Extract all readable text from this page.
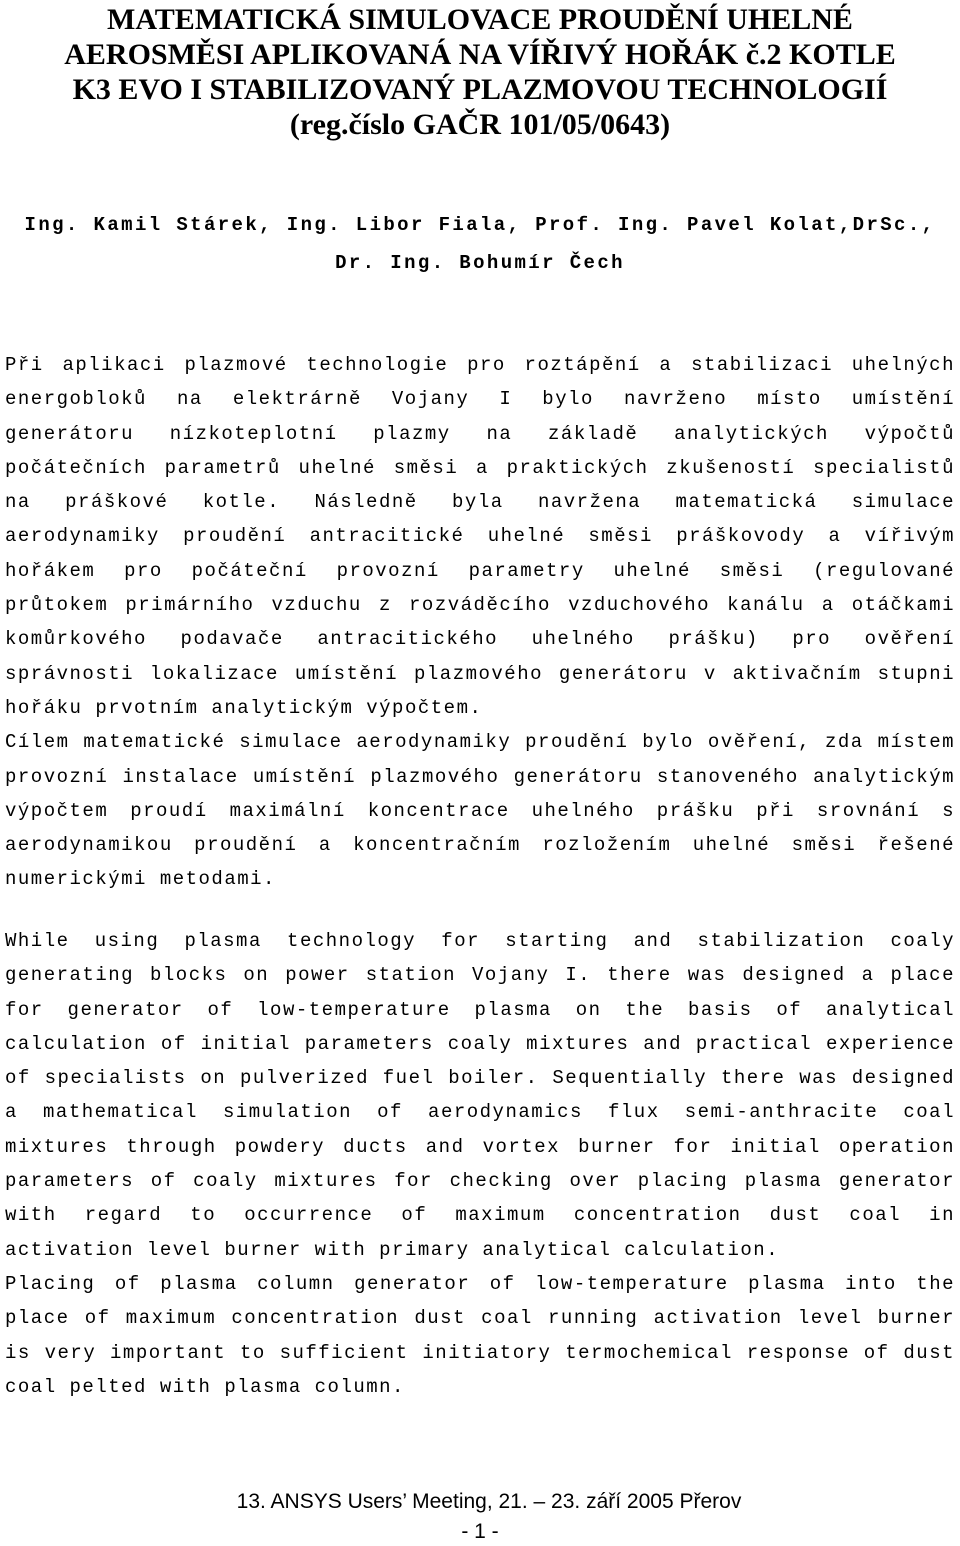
MATEMATICKÁ SIMULOVACE PROUDĚNÍ UHELNÉ
AEROSMĚSI APLIKOVANÁ NA VÍŘIVÝ HOŘÁK č.2 KOTLE
K3 EVO I STABILIZOVANÝ PLAZMOVOU TECHNOLOGIÍ
(reg.číslo GAČR 101/05/0643)
Ing. Kamil Stárek, Ing. Libor Fiala, Prof. Ing. Pavel Kolat,DrSc.,
Dr. Ing. Bohumír Čech

Při aplikaci plazmové technologie pro roztápění a stabilizaci uhelných energobloků na elektrárně Vojany I bylo navrženo místo umístění generátoru nízkoteplotní plazmy na základě analytických výpočtů počátečních parametrů uhelné směsi a praktických zkušeností specialistů na práškové kotle. Následně byla navržena matematická simulace aerodynamiky proudění antracitické uhelné směsi práškovody a vířivým hořákem pro počáteční provozní parametry uhelné směsi (regulované průtokem primárního vzduchu z rozváděcího vzduchového kanálu a otáčkami komůrkového podavače antracitického uhelného prášku) pro ověření správnosti lokalizace umístění plazmového generátoru v aktivačním stupni hořáku prvotním analytickým výpočtem.

Cílem matematické simulace aerodynamiky proudění bylo ověření, zda místem provozní instalace umístění plazmového generátoru stanoveného analytickým výpočtem proudí maximální koncentrace uhelného prášku při srovnání s aerodynamikou proudění a koncentračním rozložením uhelné směsi řešené numerickými metodami.

While using plasma technology for starting and stabilization coaly generating blocks on power station Vojany I. there was designed a place for generator of low-temperature plasma on the basis of analytical calculation of initial parameters coaly mixtures and practical experience of specialists on pulverized fuel boiler. Sequentially there was designed a mathematical simulation of aerodynamics flux semi-anthracite coal mixtures through powdery ducts and vortex burner for initial operation parameters of coaly mixtures for checking over placing plasma generator with regard to occurrence of maximum concentration dust coal in activation level burner with primary analytical calculation.

Placing of plasma column generator of low-temperature plasma into the place of maximum concentration dust coal running activation level burner is very important to sufficient initiatory termochemical response of dust coal pelted with plasma column.

13. ANSYS Users’ Meeting, 21. – 23. září 2005 Přerov
- 1 -
